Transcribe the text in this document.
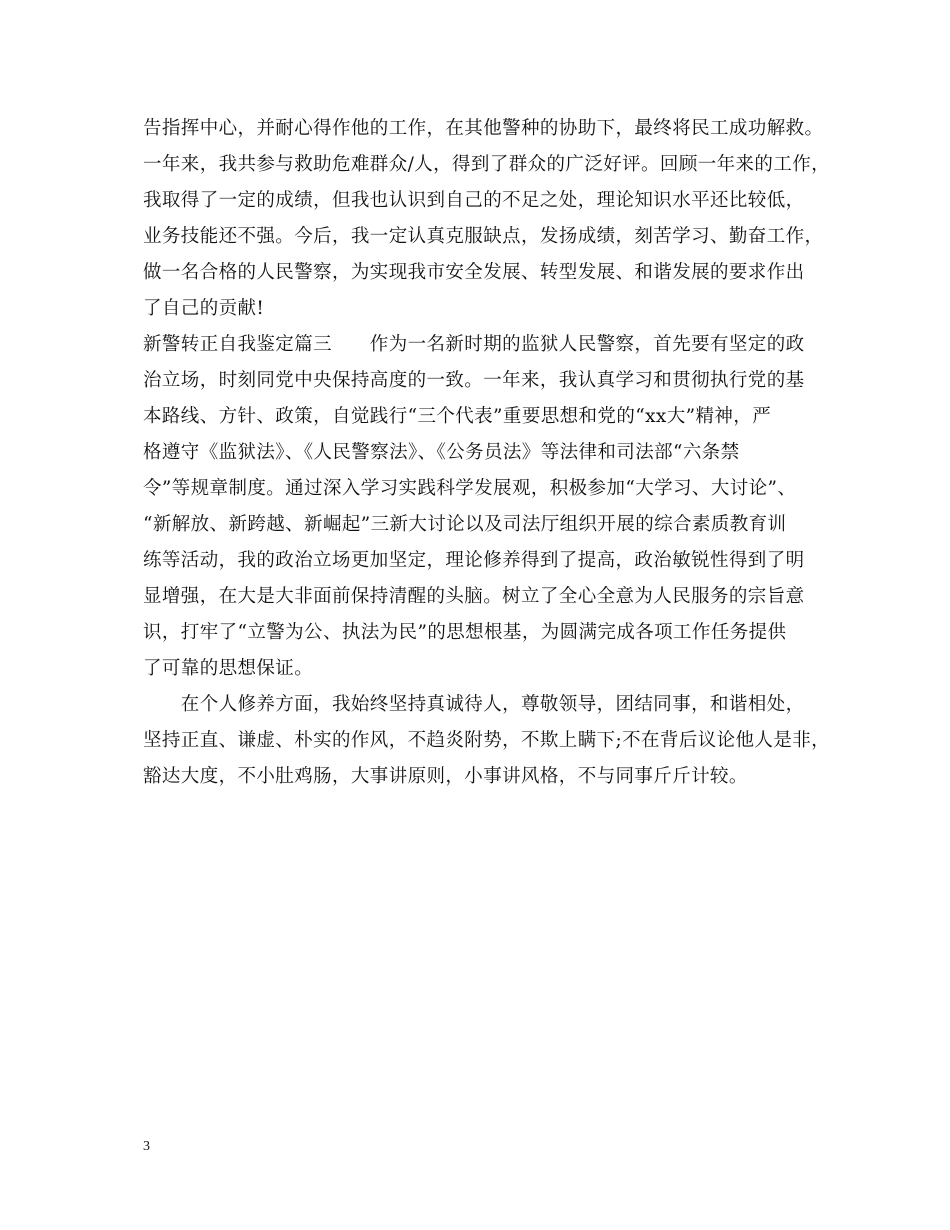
告指挥中心，并耐心得作他的工作，在其他警种的协助下，最终将民工成功解救。
一年来，我共参与救助危难群众/人，得到了群众的广泛好评。回顾一年来的工作，
我取得了一定的成绩，但我也认识到自己的不足之处，理论知识水平还比较低，
业务技能还不强。今后，我一定认真克服缺点，发扬成绩，刻苦学习、勤奋工作，
做一名合格的人民警察，为实现我市安全发展、转型发展、和谐发展的要求作出
了自己的贡献!
新警转正自我鉴定篇三　　作为一名新时期的监狱人民警察，首先要有坚定的政
治立场，时刻同党中央保持高度的一致。一年来，我认真学习和贯彻执行党的基
本路线、方针、政策，自觉践行“三个代表”重要思想和党的“xx大”精神，严
格遵守《监狱法》、《人民警察法》、《公务员法》等法律和司法部“六条禁
令”等规章制度。通过深入学习实践科学发展观，积极参加“大学习、大讨论”、
“新解放、新跨越、新崛起”三新大讨论以及司法厅组织开展的综合素质教育训
练等活动，我的政治立场更加坚定，理论修养得到了提高，政治敏锐性得到了明
显增强，在大是大非面前保持清醒的头脑。树立了全心全意为人民服务的宗旨意
识，打牢了“立警为公、执法为民”的思想根基，为圆满完成各项工作任务提供
了可靠的思想保证。
　　在个人修养方面，我始终坚持真诚待人，尊敬领导，团结同事，和谐相处，
坚持正直、谦虚、朴实的作风，不趋炎附势，不欺上瞒下;不在背后议论他人是非，
豁达大度，不小肚鸡肠，大事讲原则，小事讲风格，不与同事斤斤计较。
3
